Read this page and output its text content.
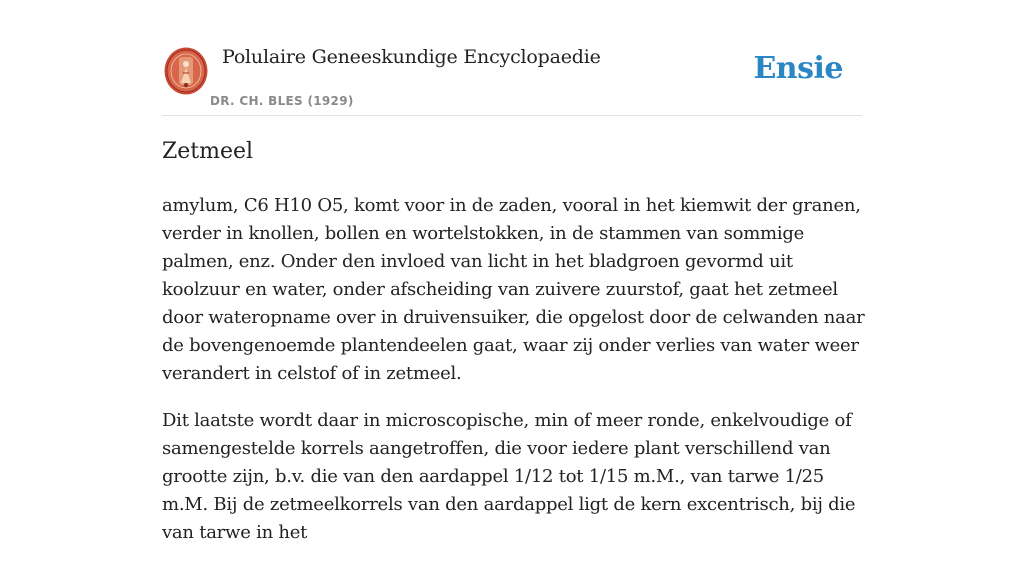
Polulaire Geneeskundige Encyclopaedie
DR. CH. BLES (1929)
Ensie
Zetmeel

amylum, C6 H10 O5, komt voor in de zaden, vooral in het kiemwit der granen, verder in knollen, bollen en wortelstokken, in de stammen van sommige palmen, enz. Onder den invloed van licht in het bladgroen gevormd uit koolzuur en water, onder afscheiding van zuivere zuurstof, gaat het zetmeel door wateropname over in druivensuiker, die opgelost door de celwanden naar de bovengenoemde plantendeelen gaat, waar zij onder verlies van water weer verandert in celstof of in zetmeel.

Dit laatste wordt daar in microscopische, min of meer ronde, enkelvoudige of samengestelde korrels aangetroffen, die voor iedere plant verschillend van grootte zijn, b.v. die van den aardappel 1/12 tot 1/15 m.M., van tarwe 1/25 m.M. Bij de zetmeelkorrels van den aardappel ligt de kern excentrisch, bij die van tarwe in het
